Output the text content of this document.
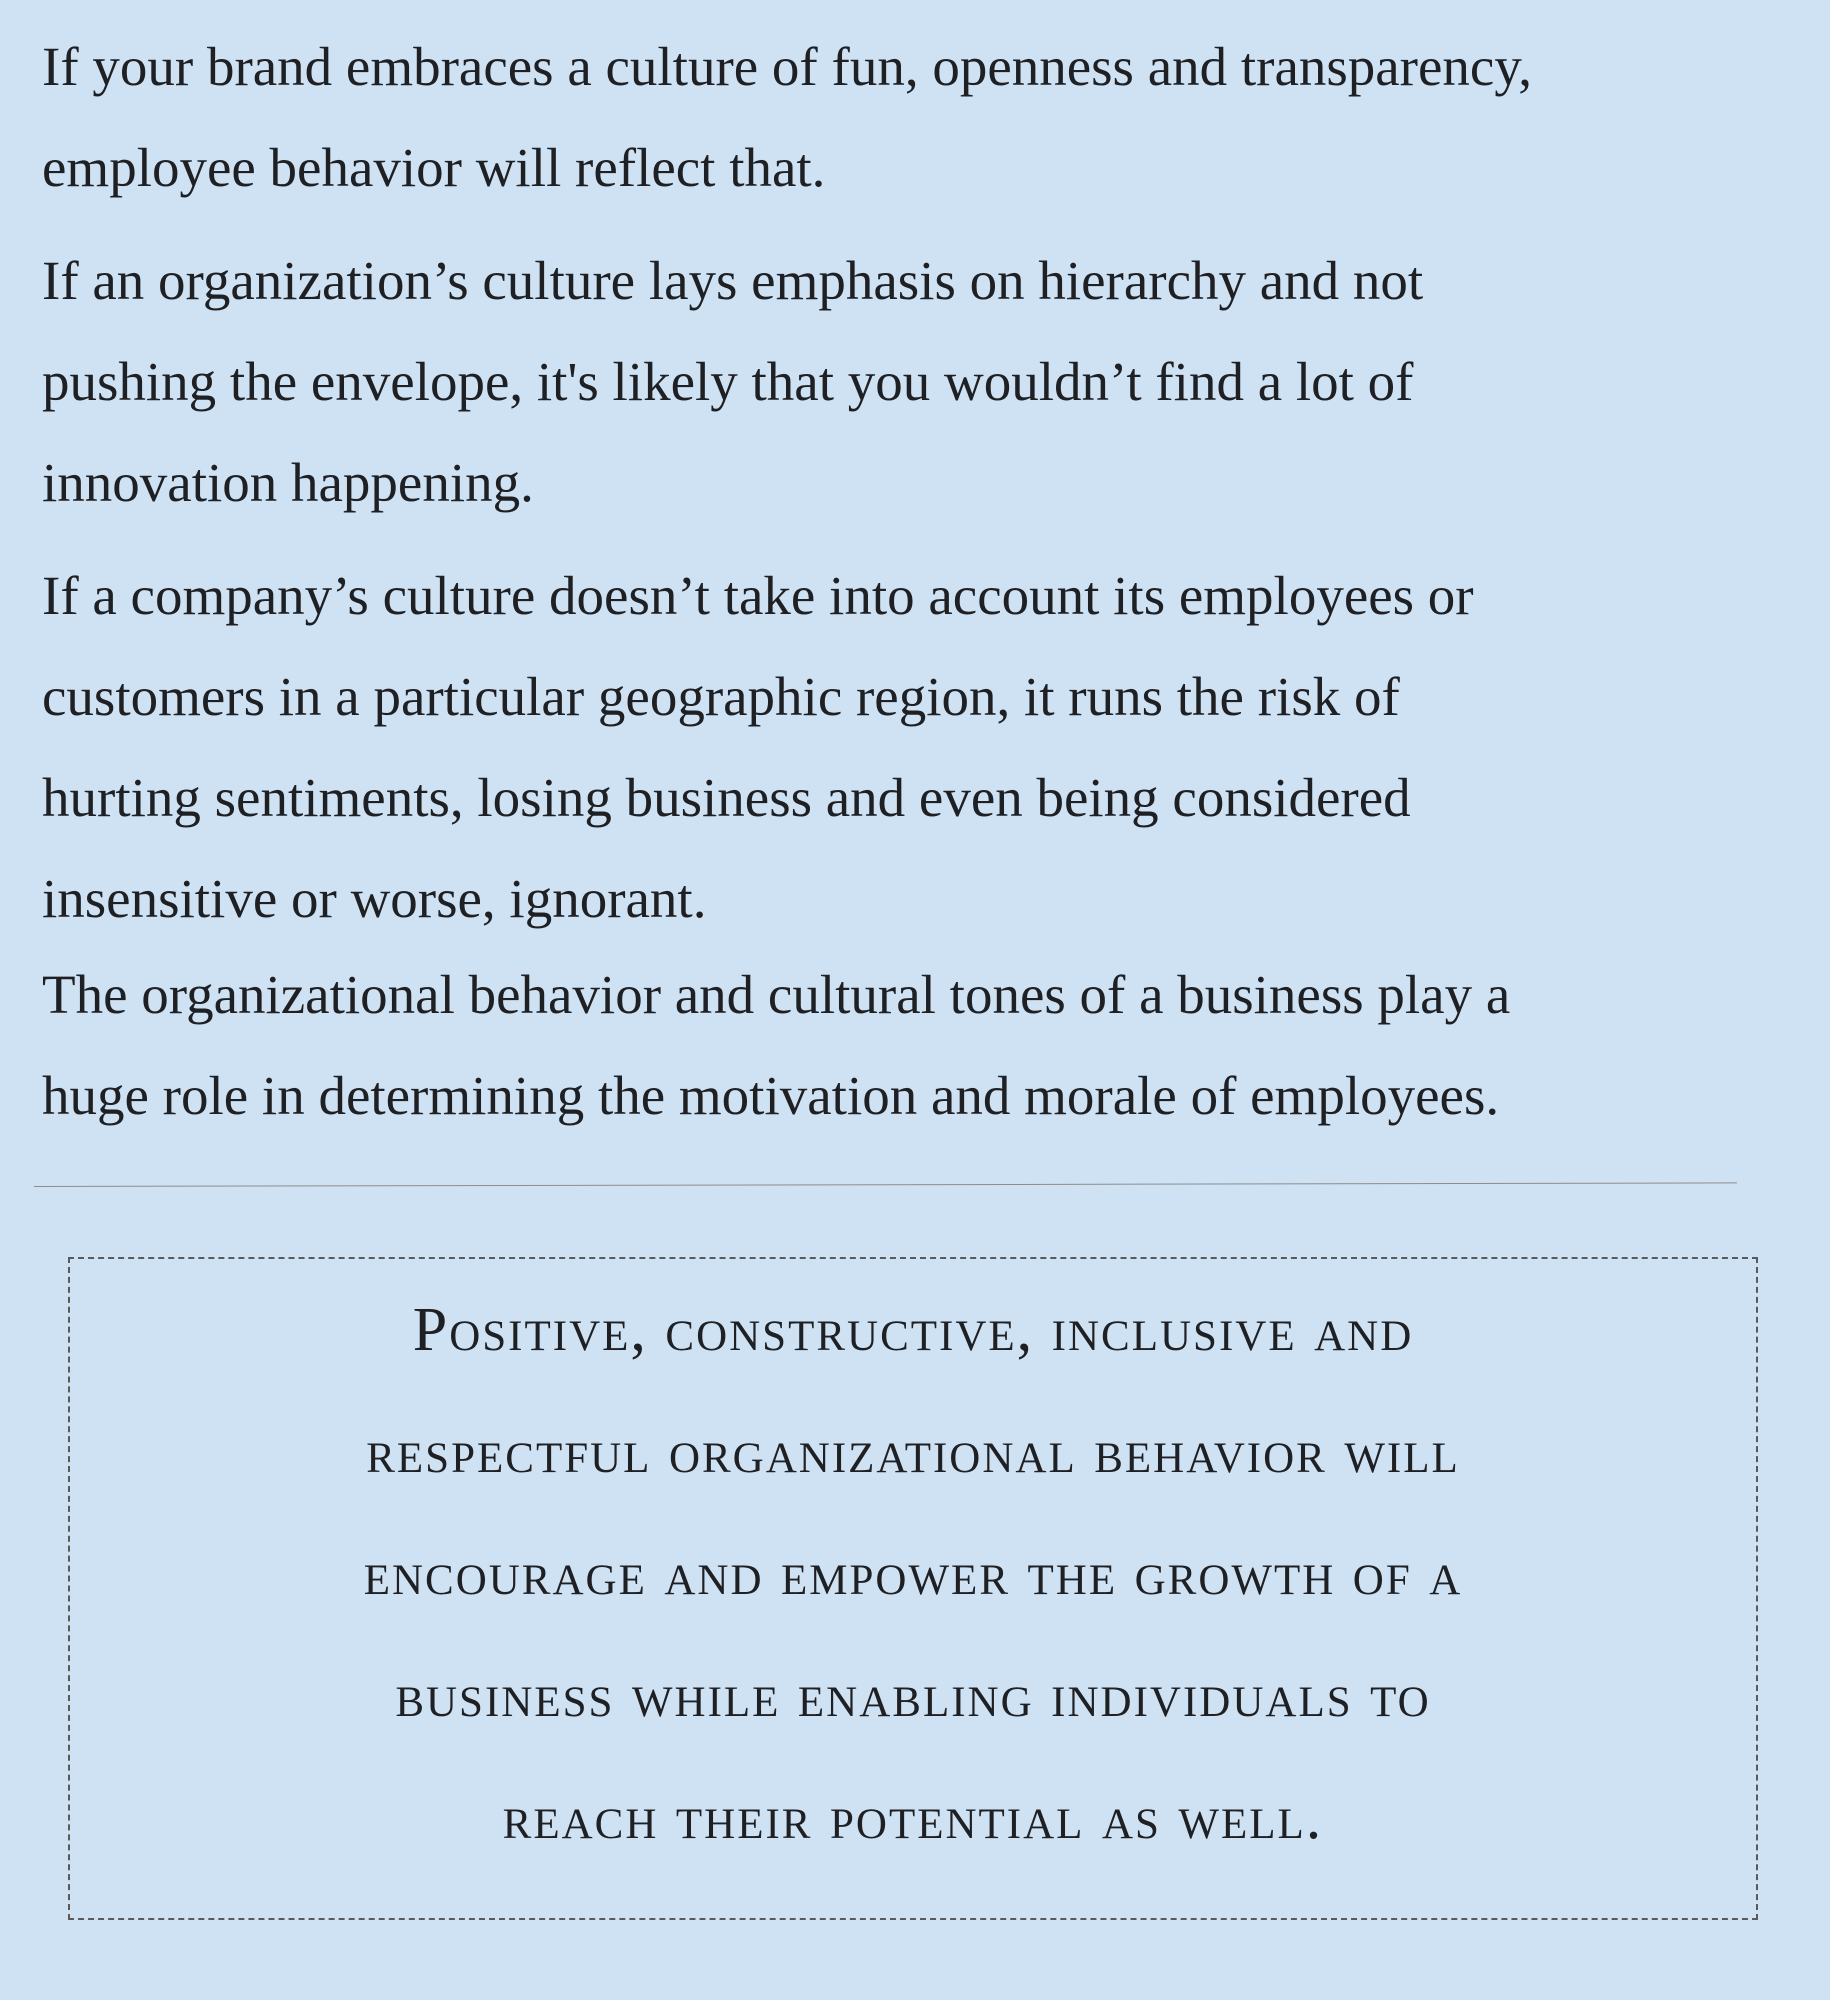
If your brand embraces a culture of fun, openness and transparency,
employee behavior will reflect that.

If an organization’s culture lays emphasis on hierarchy and not
pushing the envelope, it's likely that you wouldn’t find a lot of
innovation happening.

If a company’s culture doesn’t take into account its employees or
customers in a particular geographic region, it runs the risk of
hurting sentiments, losing business and even being considered
insensitive or worse, ignorant.

The organizational behavior and cultural tones of a business play a
huge role in determining the motivation and morale of employees.

Positive, constructive, inclusive and
respectful organizational behavior will
encourage and empower the growth of a
business while enabling individuals to
reach their potential as well.
